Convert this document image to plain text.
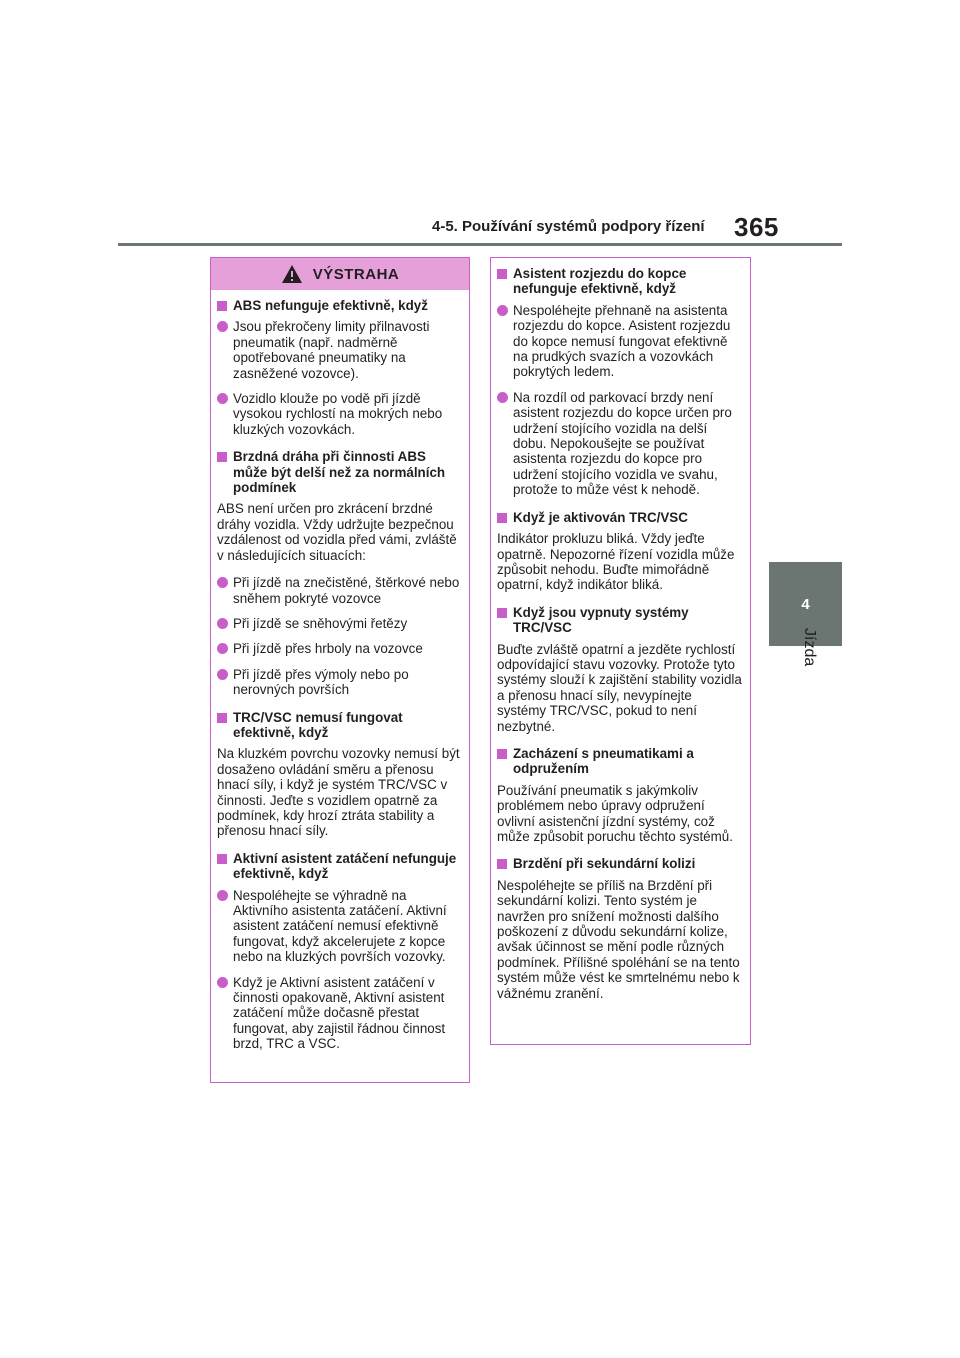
4-5. Používání systémů podpory řízení 365
4
Jízda
VÝSTRAHA
ABS nefunguje efektivně, když
Jsou překročeny limity přilnavosti pneumatik (např. nadměrně opotřebované pneumatiky na zasněžené vozovce).
Vozidlo klouže po vodě při jízdě vysokou rychlostí na mokrých nebo kluzkých vozovkách.
Brzdná dráha při činnosti ABS může být delší než za normálních podmínek
ABS není určen pro zkrácení brzdné dráhy vozidla. Vždy udržujte bezpečnou vzdálenost od vozidla před vámi, zvláště v následujících situacích:
Při jízdě na znečistěné, štěrkové nebo sněhem pokryté vozovce
Při jízdě se sněhovými řetězy
Při jízdě přes hrboly na vozovce
Při jízdě přes výmoly nebo po nerovných površích
TRC/VSC nemusí fungovat efektivně, když
Na kluzkém povrchu vozovky nemusí být dosaženo ovládání směru a přenosu hnací síly, i když je systém TRC/VSC v činnosti. Jeďte s vozidlem opatrně za podmínek, kdy hrozí ztráta stability a přenosu hnací síly.
Aktivní asistent zatáčení nefunguje efektivně, když
Nespoléhejte se výhradně na Aktivního asistenta zatáčení. Aktivní asistent zatáčení nemusí efektivně fungovat, když akcelerujete z kopce nebo na kluzkých površích vozovky.
Když je Aktivní asistent zatáčení v činnosti opakovaně, Aktivní asistent zatáčení může dočasně přestat fungovat, aby zajistil řádnou činnost brzd, TRC a VSC.
Asistent rozjezdu do kopce nefunguje efektivně, když
Nespoléhejte přehnaně na asistenta rozjezdu do kopce. Asistent rozjezdu do kopce nemusí fungovat efektivně na prudkých svazích a vozovkách pokrytých ledem.
Na rozdíl od parkovací brzdy není asistent rozjezdu do kopce určen pro udržení stojícího vozidla na delší dobu. Nepokoušejte se používat asistenta rozjezdu do kopce pro udržení stojícího vozidla ve svahu, protože to může vést k nehodě.
Když je aktivován TRC/VSC
Indikátor prokluzu bliká. Vždy jeďte opatrně. Nepozorné řízení vozidla může způsobit nehodu. Buďte mimořádně opatrní, když indikátor bliká.
Když jsou vypnuty systémy TRC/VSC
Buďte zvláště opatrní a jezděte rychlostí odpovídající stavu vozovky. Protože tyto systémy slouží k zajištění stability vozidla a přenosu hnací síly, nevypínejte systémy TRC/VSC, pokud to není nezbytné.
Zacházení s pneumatikami a odpružením
Používání pneumatik s jakýmkoliv problémem nebo úpravy odpružení ovlivní asistenční jízdní systémy, což může způsobit poruchu těchto systémů.
Brzdění při sekundární kolizi
Nespoléhejte se příliš na Brzdění při sekundární kolizi. Tento systém je navržen pro snížení možnosti dalšího poškození z důvodu sekundární kolize, avšak účinnost se mění podle různých podmínek. Přílišné spoléhání se na tento systém může vést ke smrtelnému nebo k vážnému zranění.
